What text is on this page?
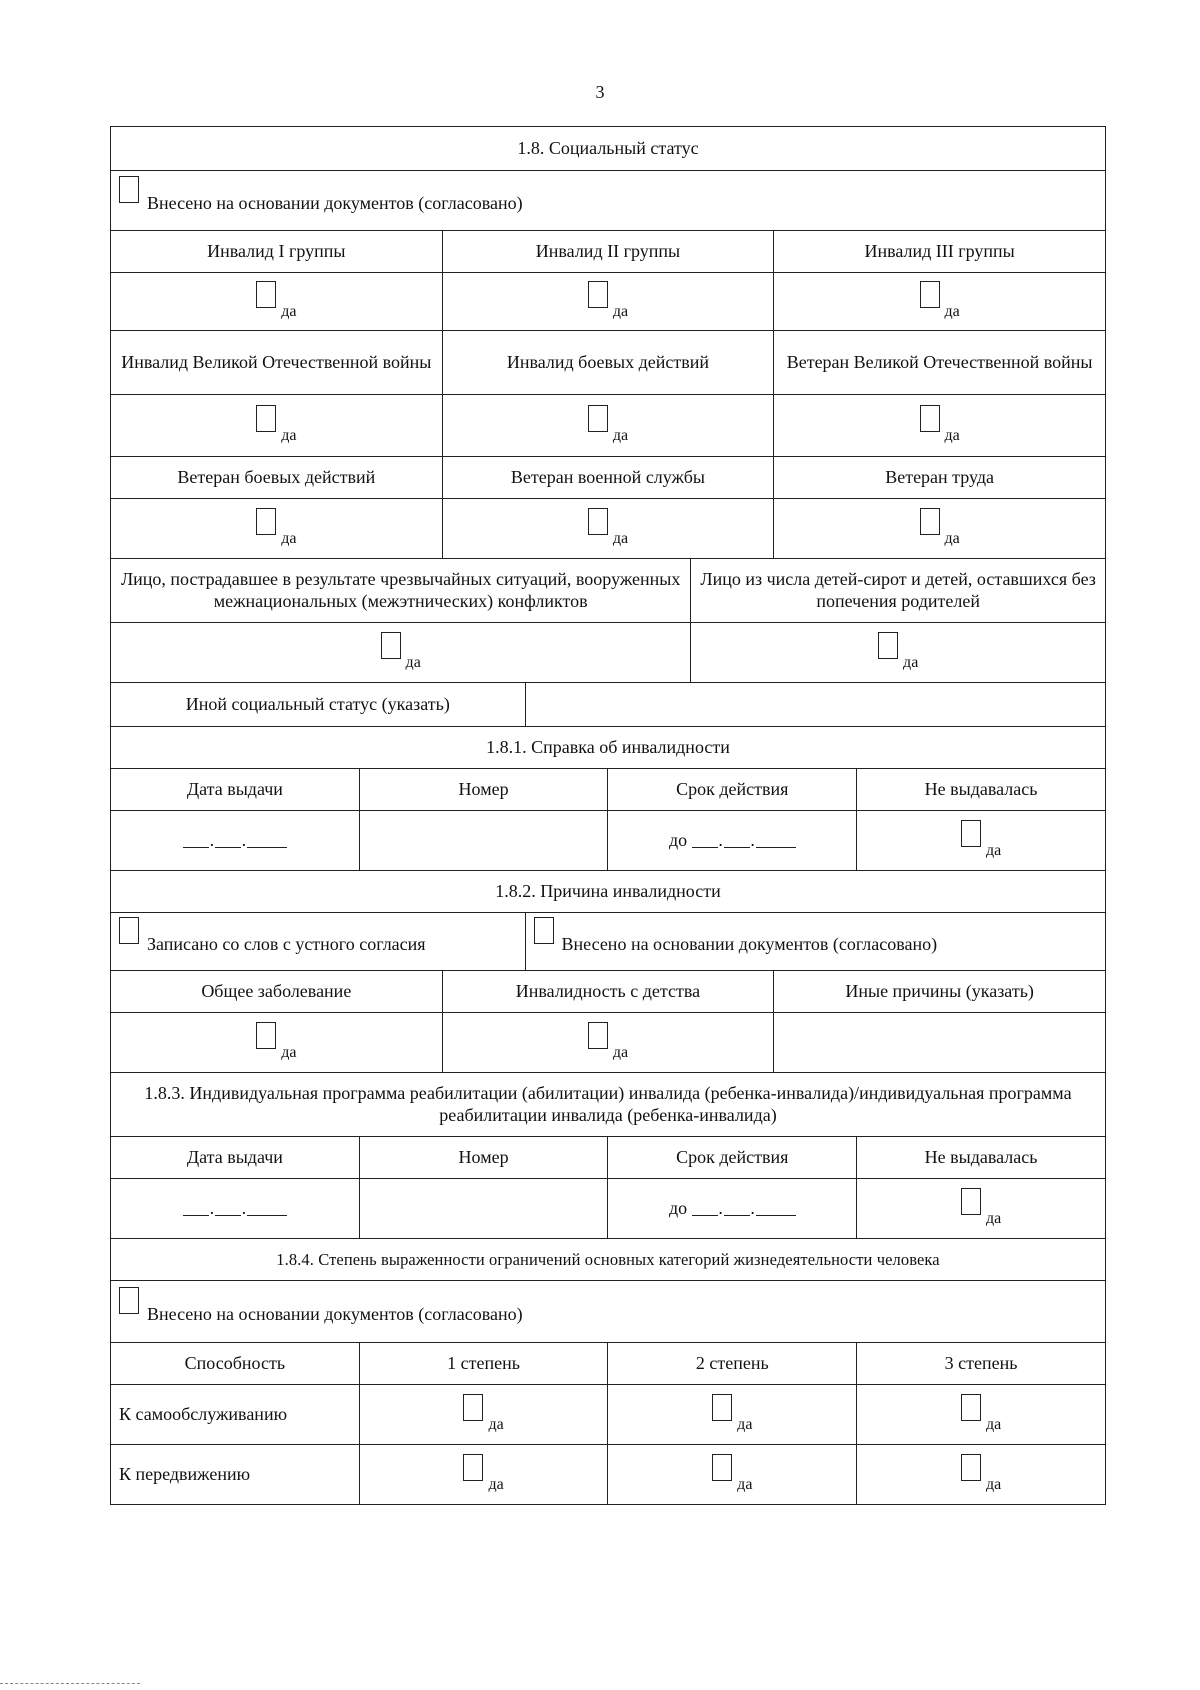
3
1.8. Социальный статус							
Внесено на основании документов (согласовано)							
Инвалид I группы		Инвалид II группы				Инвалид III группы	
да		да				да	
Инвалид Великой Отечественной войны		Инвалид боевых действий				Ветеран Великой Отечественной войны	
да		да				да	
Ветеран боевых действий		Ветеран военной службы				Ветеран труда	
да		да				да	
Лицо, пострадавшее в результате чрезвычайных ситуаций, вооруженных межнациональных (межэтнических) конфликтов					Лицо из числа детей-сирот и детей, оставшихся без попечения родителей		
да					да		
Иной социальный статус (указать)							
1.8.1. Справка об инвалидности							
Дата выдачи	Номер			Срок действия			Не выдавалась
. .				до . .			да
1.8.2. Причина инвалидности							
Записано со слов с устного согласия			Внесено на основании документов (согласовано)				
Общее заболевание		Инвалидность с детства				Иные причины (указать)	
да		да					
1.8.3. Индивидуальная программа реабилитации (абилитации) инвалида (ребенка-инвалида)/индивидуальная программа реабилитации инвалида (ребенка-инвалида)							
Дата выдачи	Номер			Срок действия			Не выдавалась
. .				до . .			да
1.8.4. Степень выраженности ограничений основных категорий жизнедеятельности человека							
Внесено на основании документов (согласовано)							
Способность	1 степень			2 степень			3 степень
К самообслуживанию	да			да			да
К передвижению	да			да			да
